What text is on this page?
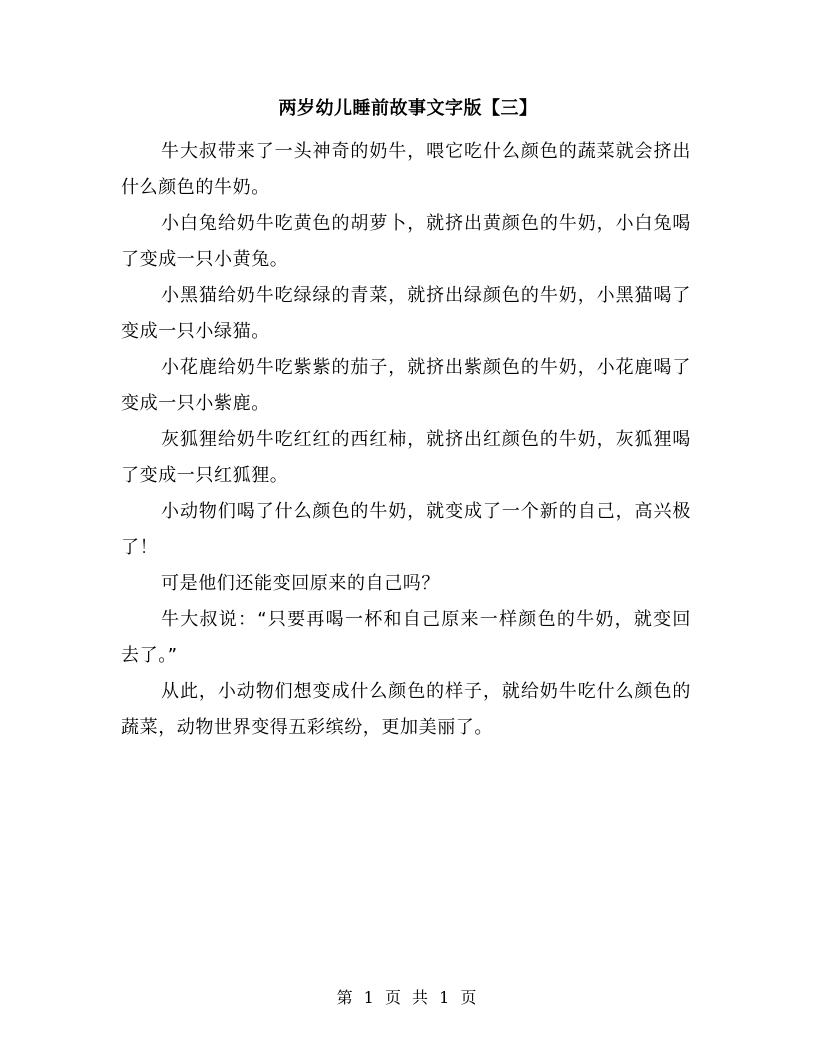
两岁幼儿睡前故事文字版【三】

牛大叔带来了一头神奇的奶牛，喂它吃什么颜色的蔬菜就会挤出什么颜色的牛奶。

小白兔给奶牛吃黄色的胡萝卜，就挤出黄颜色的牛奶，小白兔喝了变成一只小黄兔。

小黑猫给奶牛吃绿绿的青菜，就挤出绿颜色的牛奶，小黑猫喝了变成一只小绿猫。

小花鹿给奶牛吃紫紫的茄子，就挤出紫颜色的牛奶，小花鹿喝了变成一只小紫鹿。

灰狐狸给奶牛吃红红的西红柿，就挤出红颜色的牛奶，灰狐狸喝了变成一只红狐狸。

小动物们喝了什么颜色的牛奶，就变成了一个新的自己，高兴极了！

可是他们还能变回原来的自己吗？

牛大叔说：“只要再喝一杯和自己原来一样颜色的牛奶，就变回去了。”

从此，小动物们想变成什么颜色的样子，就给奶牛吃什么颜色的蔬菜，动物世界变得五彩缤纷，更加美丽了。

第 1 页 共 1 页
